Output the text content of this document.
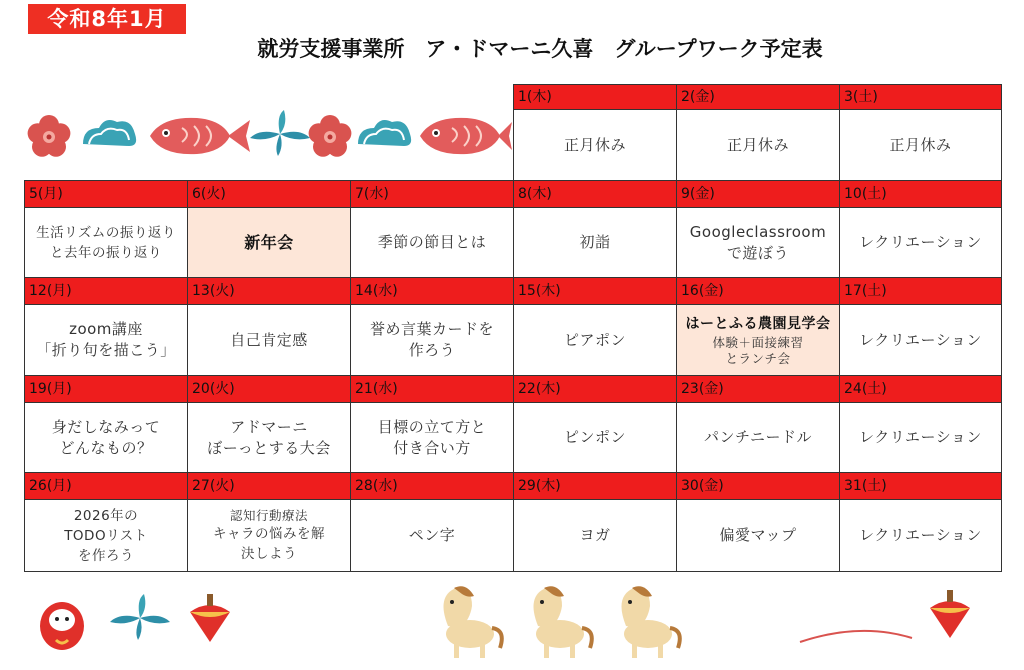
令和8年1月
就労支援事業所　ア・ドマーニ久喜　グループワーク予定表
1(木)
正月休み
2(金)
正月休み
3(土)
正月休み
5(月)
生活リズムの振り返り
と去年の振り返り
6(火)
新年会
7(水)
季節の節目とは
8(木)
初詣
9(金)
Googleclassroom
で遊ぼう
10(土)
レクリエーション
12(月)
zoom講座
「折り句を描こう」
13(火)
自己肯定感
14(水)
誉め言葉カードを
作ろう
15(木)
ピアポン
16(金)
はーとふる農園見学会
体験＋面接練習
とランチ会
17(土)
レクリエーション
19(月)
身だしなみって
どんなもの？
20(火)
アドマーニ
ぼーっとする大会
21(水)
目標の立て方と
付き合い方
22(木)
ピンポン
23(金)
パンチニードル
24(土)
レクリエーション
26(月)
2026年の
TODOリスト
を作ろう
27(火)
認知行動療法
キャラの悩みを解
決しよう
28(水)
ペン字
29(木)
ヨガ
30(金)
偏愛マップ
31(土)
レクリエーション
